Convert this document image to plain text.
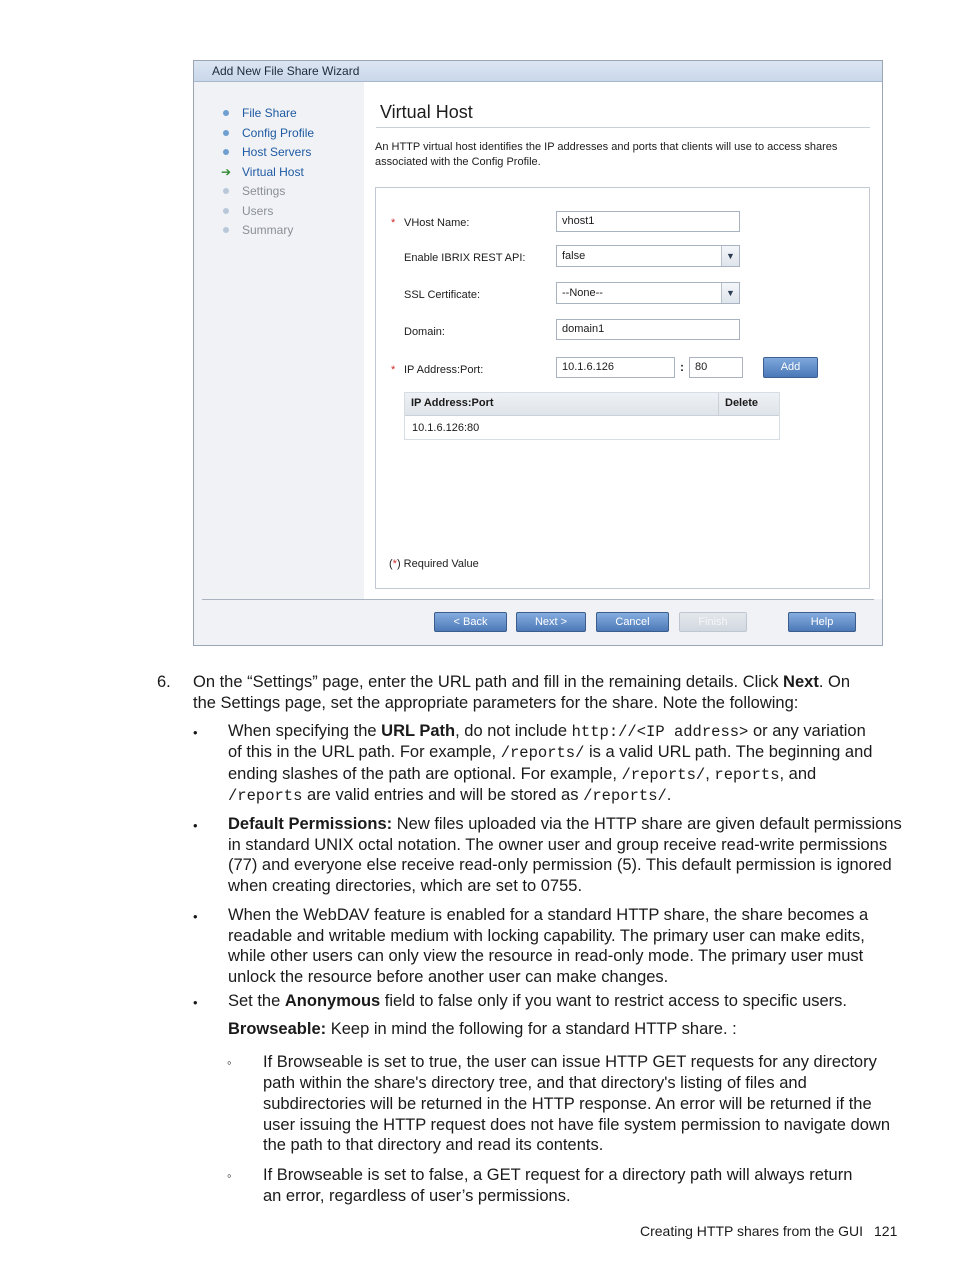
Add New File Share Wizard
File Share
Config Profile
Host Servers
➔ Virtual Host
Settings
Users
Summary
Virtual Host
An HTTP virtual host identifies the IP addresses and ports that clients will use to access shares associated with the Config Profile.
* VHost Name:	vhost1
Enable IBRIX REST API:	false	▼
SSL Certificate:	--None--	▼
Domain:	domain1
* IP Address:Port:	10.1.6.126	:	80	Add
IP Address:Port	Delete
10.1.6.126:80
(*) Required Value
< Back	Next >	Cancel	Finish	Help
6. On the “Settings” page, enter the URL path and fill in the remaining details. Click Next. On
the Settings page, set the appropriate parameters for the share. Note the following:
• When specifying the URL Path, do not include http://<IP address> or any variation
of this in the URL path. For example, /reports/ is a valid URL path. The beginning and
ending slashes of the path are optional. For example, /reports/, reports, and
/reports are valid entries and will be stored as /reports/.
• Default Permissions: New files uploaded via the HTTP share are given default permissions
in standard UNIX octal notation. The owner user and group receive read-write permissions
(77) and everyone else receive read-only permission (5). This default permission is ignored
when creating directories, which are set to 0755.
• When the WebDAV feature is enabled for a standard HTTP share, the share becomes a
readable and writable medium with locking capability. The primary user can make edits,
while other users can only view the resource in read-only mode. The primary user must
unlock the resource before another user can make changes.
• Set the Anonymous field to false only if you want to restrict access to specific users.
Browseable: Keep in mind the following for a standard HTTP share. :
◦ If Browseable is set to true, the user can issue HTTP GET requests for any directory
path within the share's directory tree, and that directory's listing of files and
subdirectories will be returned in the HTTP response. An error will be returned if the
user issuing the HTTP request does not have file system permission to navigate down
the path to that directory and read its contents.
◦ If Browseable is set to false, a GET request for a directory path will always return
an error, regardless of user’s permissions.
Creating HTTP shares from the GUI 121
